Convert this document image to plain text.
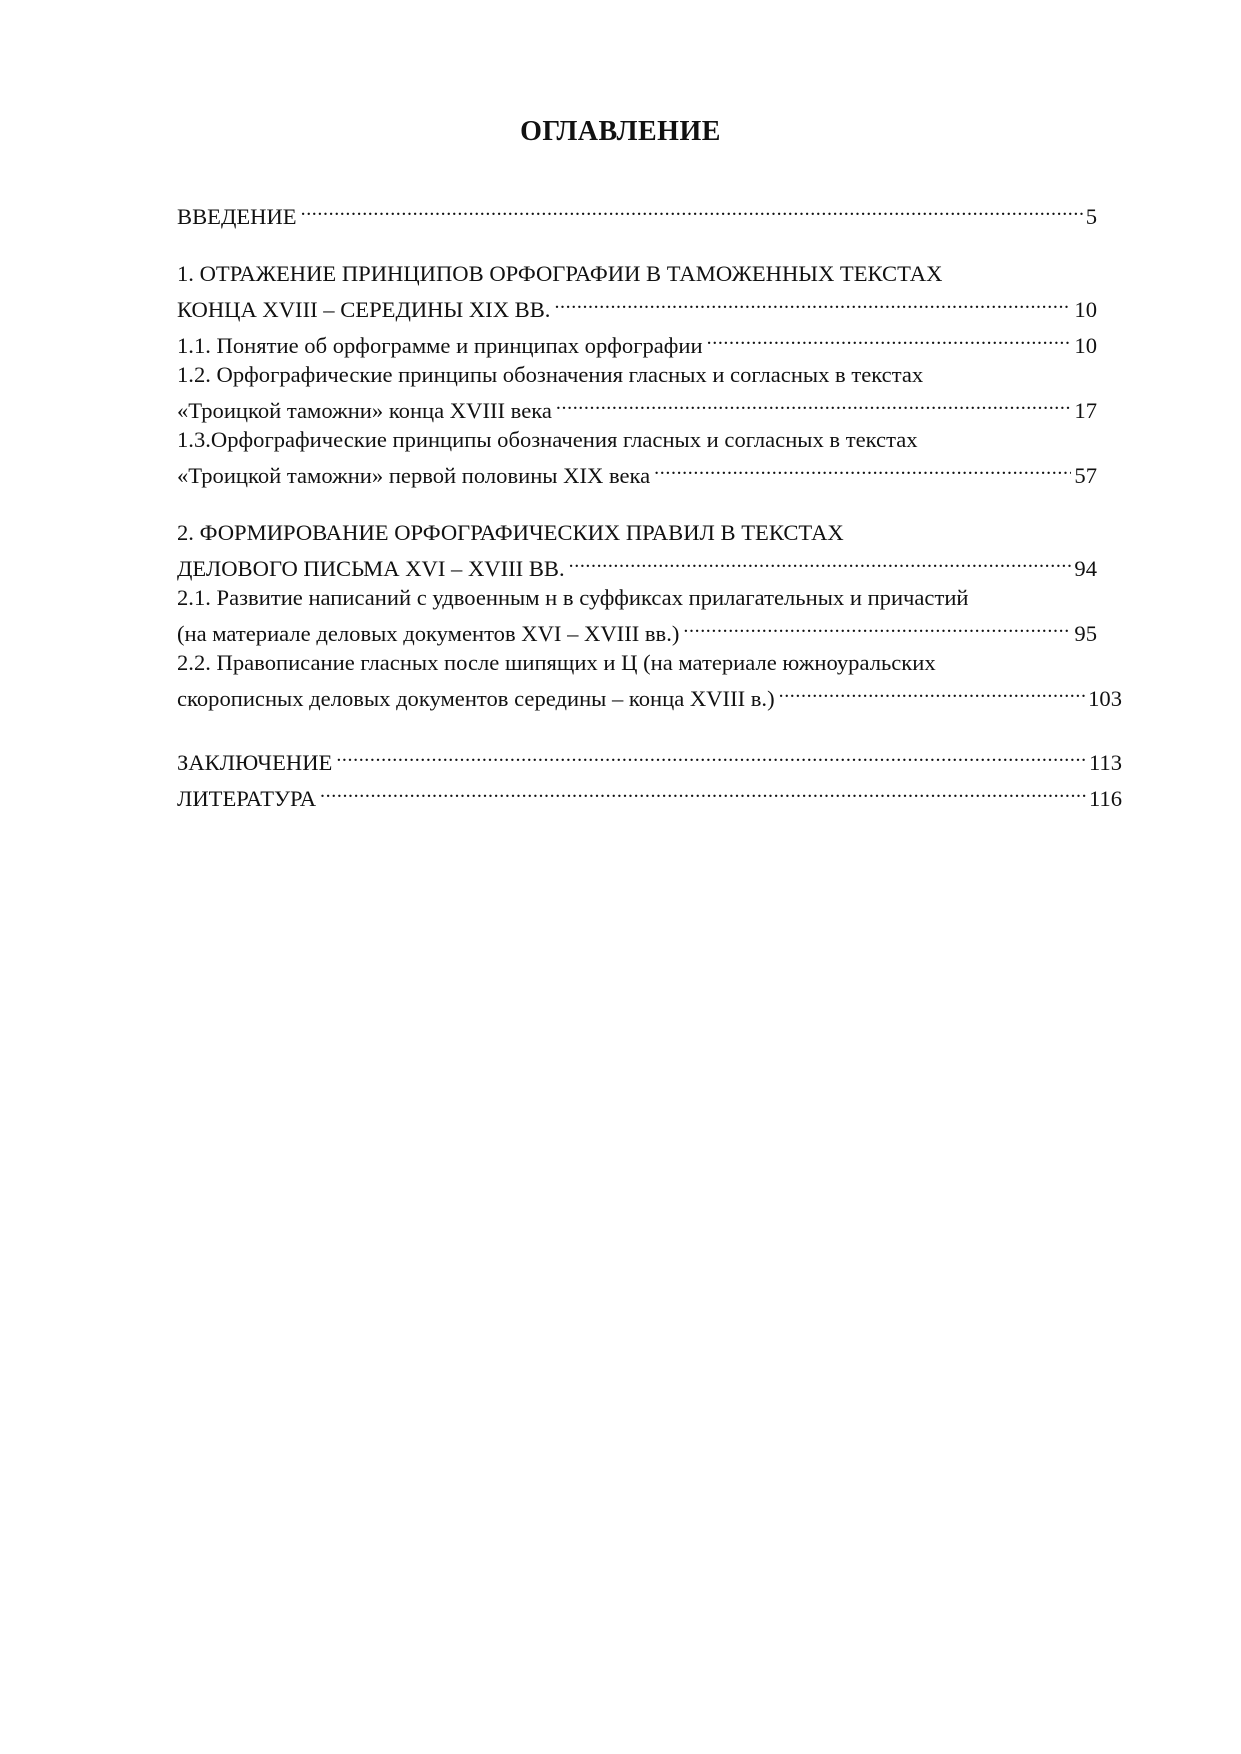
ОГЛАВЛЕНИЕ
ВВЕДЕНИЕ .....	5
1. ОТРАЖЕНИЕ ПРИНЦИПОВ ОРФОГРАФИИ В ТАМОЖЕННЫХ ТЕКСТАХ
КОНЦА XVIII – СЕРЕДИНЫ XIX ВВ. .....	10
1.1. Понятие об орфограмме и принципах орфографии .....	10
1.2. Орфографические принципы обозначения гласных и согласных в текстах
«Троицкой таможни» конца XVIII века .....	17
1.3.Орфографические принципы обозначения гласных и согласных в текстах
«Троицкой таможни» первой половины XIX века .....	57
2. ФОРМИРОВАНИЕ ОРФОГРАФИЧЕСКИХ ПРАВИЛ В ТЕКСТАХ
ДЕЛОВОГО ПИСЬМА XVI – XVIII ВВ. .....	94
2.1. Развитие написаний с удвоенным н в суффиксах прилагательных и причастий
(на материале деловых документов XVI – XVIII вв.) .....	95
2.2. Правописание гласных после шипящих и Ц (на материале южноуральских
скорописных деловых документов середины – конца XVIII в.) .....	103
ЗАКЛЮЧЕНИЕ .....	113
ЛИТЕРАТУРА .....	116
